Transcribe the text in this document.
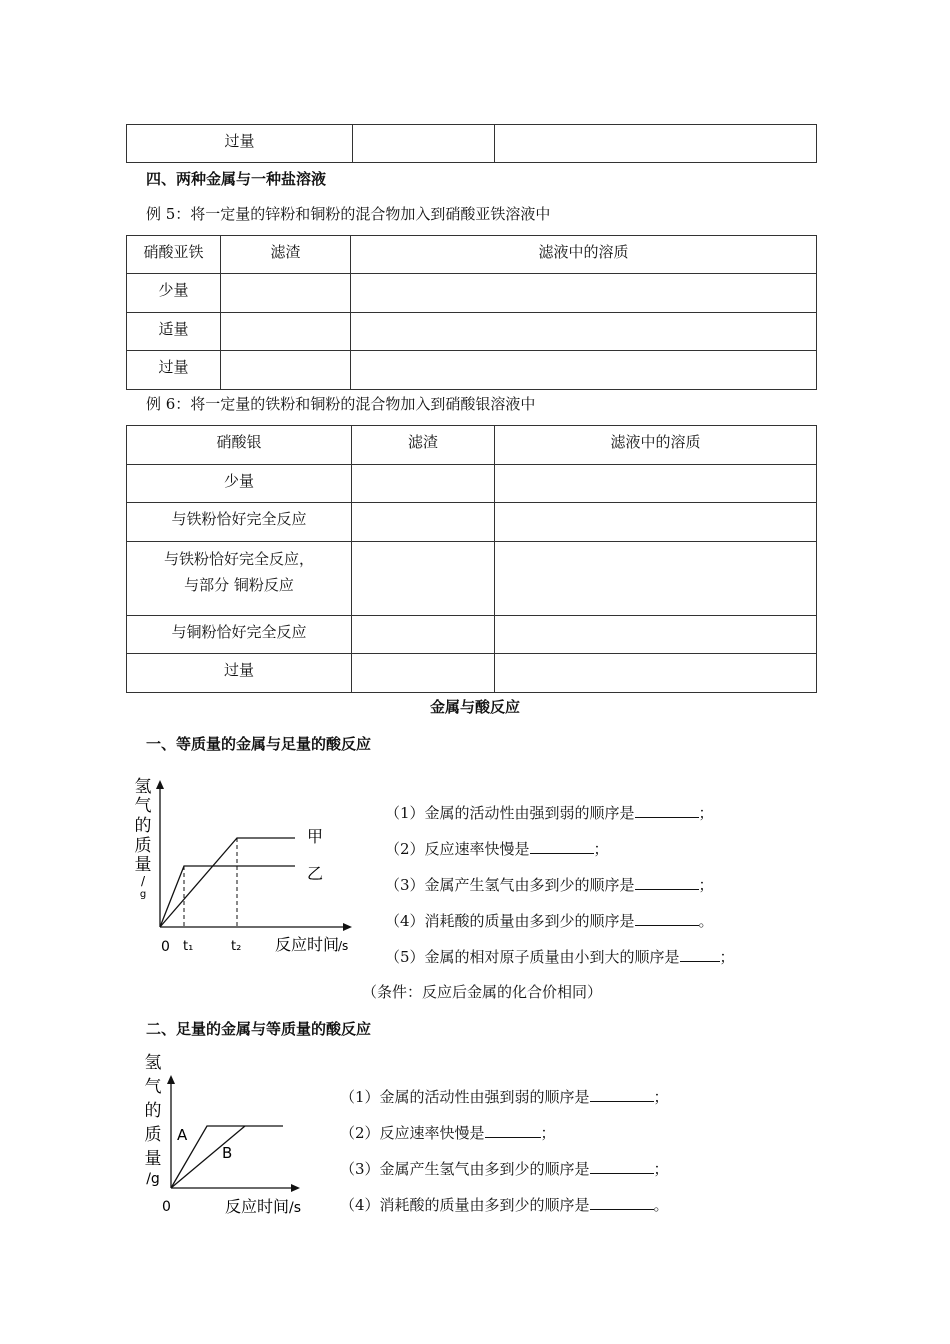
过量

四、两种金属与一种盐溶液
例 5：将一定量的锌粉和铜粉的混合物加入到硝酸亚铁溶液中
硝酸亚铁	滤渣	滤液中的溶质

少量		

适量		

过量		

例 6：将一定量的铁粉和铜粉的混合物加入到硝酸银溶液中
硝酸银	滤渣	滤液中的溶质

少量		

与铁粉恰好完全反应		

与铁粉恰好完全反应，
与部分 铜粉反应		

与铜粉恰好完全反应		

过量		

金属与酸反应
一、等质量的金属与足量的酸反应
氢
气
的
质
量
/
g
甲
乙
0 t₁	t₂ 反应时间
/s
（1）金属的活动性由强到弱的顺序是	；
（2）反应速率快慢是	；
（3）金属产生氢气由多到少的顺序是	；
（4）消耗酸的质量由多到少的顺序是	。
（5）金属的相对原子质量由小到大的顺序是	；
（条件：反应后金属的化合价相同）
二、足量的金属与等质量的酸反应
氢
气
的
质
量
/g
A
B
0	反应时间 /s
（1）金属的活动性由强到弱的顺序是	；
（2）反应速率快慢是	；
（3）金属产生氢气由多到少的顺序是	；
（4）消耗酸的质量由多到少的顺序是	。
